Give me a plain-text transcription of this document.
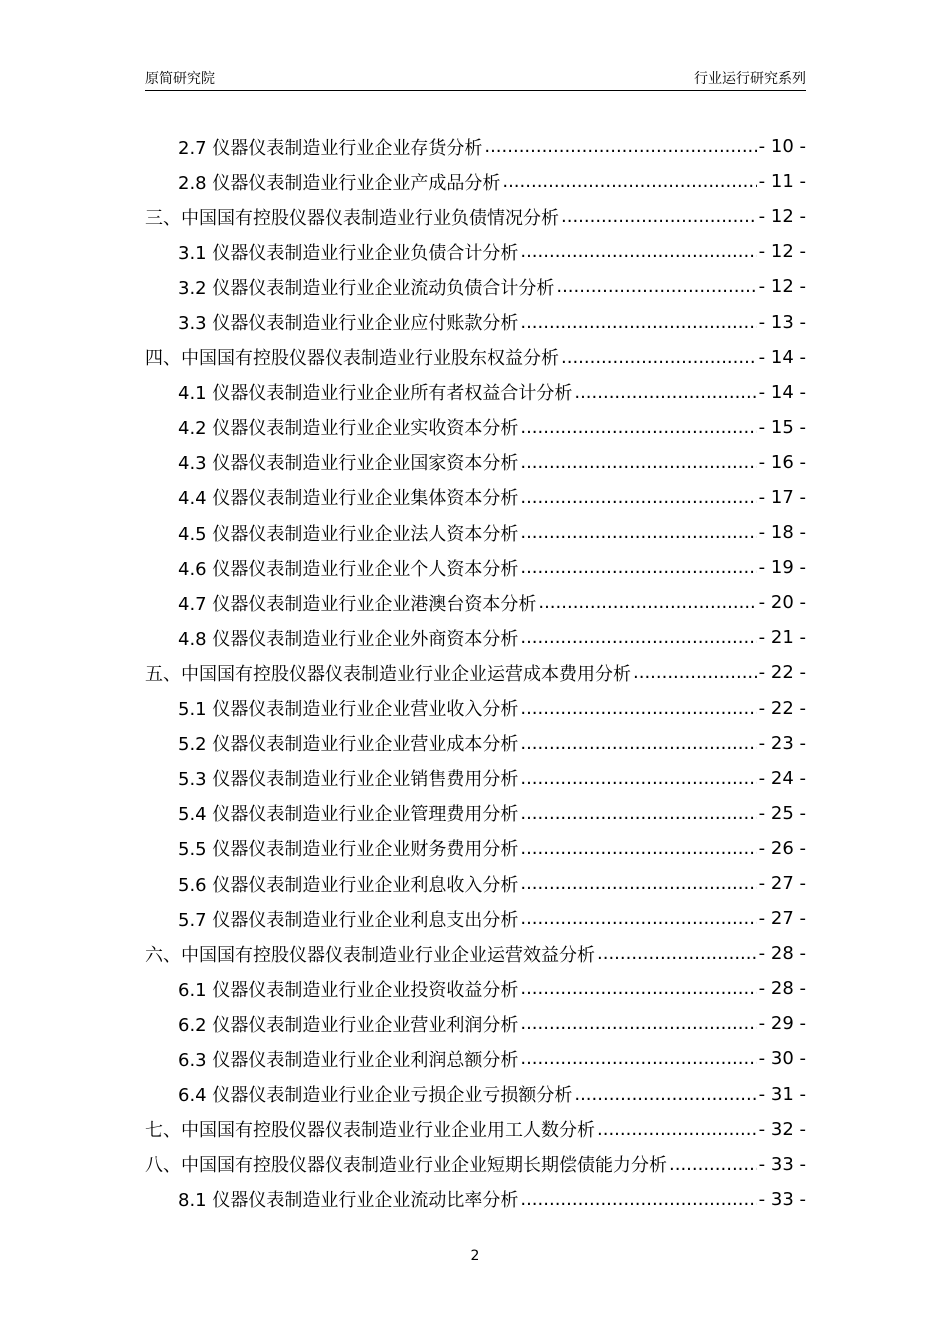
原简研究院	行业运行研究系列
2.7 仪器仪表制造业行业企业存货分析 .....	- 10 -
2.8 仪器仪表制造业行业企业产成品分析 .....	- 11 -
三、中国国有控股仪器仪表制造业行业负债情况分析 .....	- 12 -
3.1 仪器仪表制造业行业企业负债合计分析 .....	- 12 -
3.2 仪器仪表制造业行业企业流动负债合计分析 .....	- 12 -
3.3 仪器仪表制造业行业企业应付账款分析 .....	- 13 -
四、中国国有控股仪器仪表制造业行业股东权益分析 .....	- 14 -
4.1 仪器仪表制造业行业企业所有者权益合计分析 .....	- 14 -
4.2 仪器仪表制造业行业企业实收资本分析 .....	- 15 -
4.3 仪器仪表制造业行业企业国家资本分析 .....	- 16 -
4.4 仪器仪表制造业行业企业集体资本分析 .....	- 17 -
4.5 仪器仪表制造业行业企业法人资本分析 .....	- 18 -
4.6 仪器仪表制造业行业企业个人资本分析 .....	- 19 -
4.7 仪器仪表制造业行业企业港澳台资本分析 .....	- 20 -
4.8 仪器仪表制造业行业企业外商资本分析 .....	- 21 -
五、中国国有控股仪器仪表制造业行业企业运营成本费用分析 .....	- 22 -
5.1 仪器仪表制造业行业企业营业收入分析 .....	- 22 -
5.2 仪器仪表制造业行业企业营业成本分析 .....	- 23 -
5.3 仪器仪表制造业行业企业销售费用分析 .....	- 24 -
5.4 仪器仪表制造业行业企业管理费用分析 .....	- 25 -
5.5 仪器仪表制造业行业企业财务费用分析 .....	- 26 -
5.6 仪器仪表制造业行业企业利息收入分析 .....	- 27 -
5.7 仪器仪表制造业行业企业利息支出分析 .....	- 27 -
六、中国国有控股仪器仪表制造业行业企业运营效益分析 .....	- 28 -
6.1 仪器仪表制造业行业企业投资收益分析 .....	- 28 -
6.2 仪器仪表制造业行业企业营业利润分析 .....	- 29 -
6.3 仪器仪表制造业行业企业利润总额分析 .....	- 30 -
6.4 仪器仪表制造业行业企业亏损企业亏损额分析 .....	- 31 -
七、中国国有控股仪器仪表制造业行业企业用工人数分析 .....	- 32 -
八、中国国有控股仪器仪表制造业行业企业短期长期偿债能力分析 .....	- 33 -
8.1 仪器仪表制造业行业企业流动比率分析 .....	- 33 -
2
